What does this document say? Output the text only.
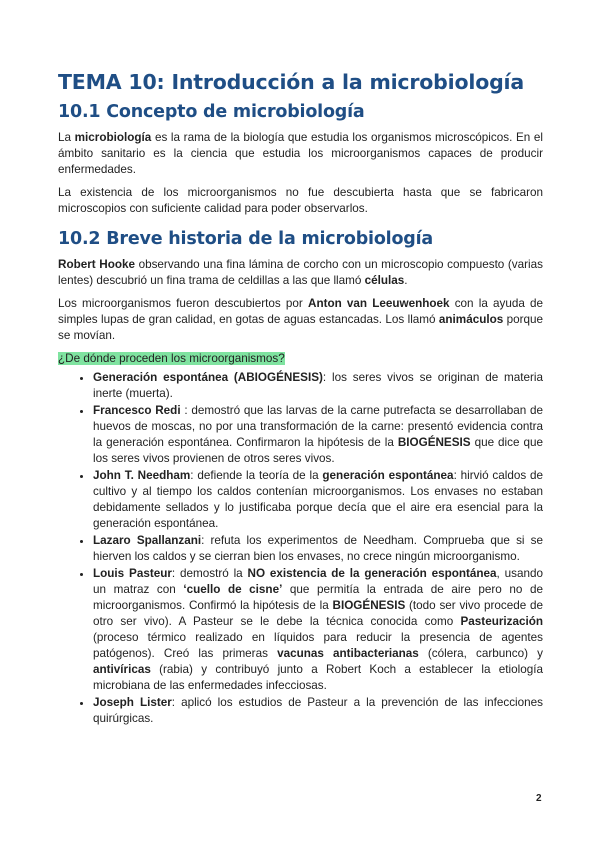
TEMA 10: Introducción a la microbiología
10.1 Concepto de microbiología

La microbiología es la rama de la biología que estudia los organismos microscópicos. En el ámbito sanitario es la ciencia que estudia los microorganismos capaces de producir enfermedades.

La existencia de los microorganismos no fue descubierta hasta que se fabricaron microscopios con suficiente calidad para poder observarlos.

10.2 Breve historia de la microbiología

Robert Hooke observando una fina lámina de corcho con un microscopio compuesto (varias lentes) descubrió un fina trama de celdillas a las que llamó células.

Los microorganismos fueron descubiertos por Anton van Leeuwenhoek con la ayuda de simples lupas de gran calidad, en gotas de aguas estancadas. Los llamó animáculos porque se movían.

¿De dónde proceden los microorganismos?

• Generación espontánea (ABIOGÉNESIS): los seres vivos se originan de materia inerte (muerta).
• Francesco Redi : demostró que las larvas de la carne putrefacta se desarrollaban de huevos de moscas, no por una transformación de la carne: presentó evidencia contra la generación espontánea. Confirmaron la hipótesis de la BIOGÉNESIS que dice que los seres vivos provienen de otros seres vivos.
• John T. Needham: defiende la teoría de la generación espontánea: hirvió caldos de cultivo y al tiempo los caldos contenían microorganismos. Los envases no estaban debidamente sellados y lo justificaba porque decía que el aire era esencial para la generación espontánea.
• Lazaro Spallanzani: refuta los experimentos de Needham. Comprueba que si se hierven los caldos y se cierran bien los envases, no crece ningún microorganismo.
• Louis Pasteur: demostró la NO existencia de la generación espontánea, usando un matraz con ‘cuello de cisne’ que permitía la entrada de aire pero no de microorganismos. Confirmó la hipótesis de la BIOGÉNESIS (todo ser vivo procede de otro ser vivo). A Pasteur se le debe la técnica conocida como Pasteurización (proceso térmico realizado en líquidos para reducir la presencia de agentes patógenos). Creó las primeras vacunas antibacterianas (cólera, carbunco) y antivíricas (rabia) y contribuyó junto a Robert Koch a establecer la etiología microbiana de las enfermedades infecciosas.
• Joseph Lister: aplicó los estudios de Pasteur a la prevención de las infecciones quirúrgicas.
2
